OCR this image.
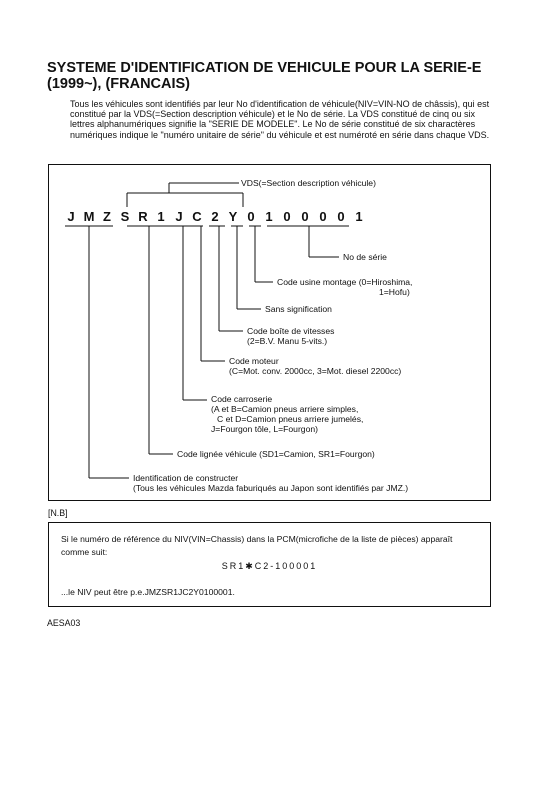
SYSTEME D'IDENTIFICATION DE VEHICULE POUR LA SERIE-E (1999~), (FRANCAIS)

Tous les véhicules sont identifiés par leur No d'identification de véhicule(NIV=VIN-NO de châssis), qui est constitué par la VDS(=Section description véhicule) et le No de série. La VDS constitué de cinq ou six lettres alphanumériques signifie la "SERIE DE MODELE". Le No de série constitué de six charactères numériques indique le "numéro unitaire de série" du véhicule et est numéroté en série dans chaque VDS.

J M Z S R 1 J C 2 Y 0 1 0 0 0 0 1

VDS(=Section description véhicule)

No de série

Code usine montage (0=Hiroshima,

1=Hofu)

Sans signification

Code boîte de vitesses

(2=B.V. Manu 5-vits.)

Code moteur

(C=Mot. conv. 2000cc, 3=Mot. diesel 2200cc)

Code carroserie

(A et B=Camion pneus arriere simples,

C et D=Camion pneus arriere jumelés,

J=Fourgon tôle, L=Fourgon)

Code lignée véhicule (SD1=Camion, SR1=Fourgon)

Identification de constructer

(Tous les véhicules Mazda faburiqués au Japon sont identifiés par JMZ.)

[N.B]

Si le numéro de référence du NIV(VIN=Chassis) dans la PCM(microfiche de la liste de pièces) apparaît comme suit:

SR1✱C2-100001

...le NIV peut être p.e.JMZSR1JC2Y0100001.

AESA03
